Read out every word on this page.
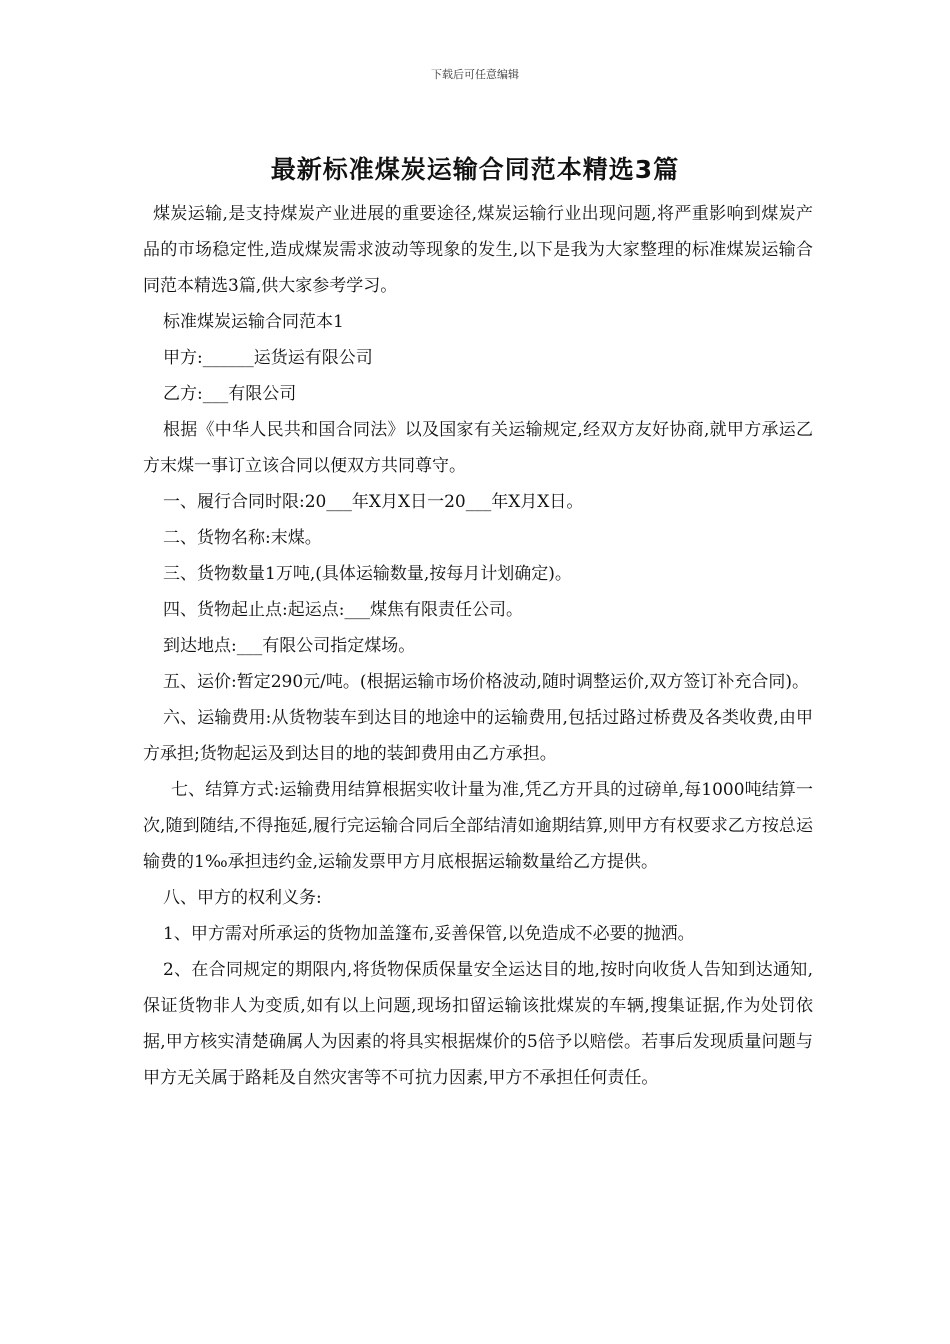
下载后可任意编辑
最新标准煤炭运输合同范本精选3篇

煤炭运输,是支持煤炭产业进展的重要途径,煤炭运输行业出现问题,将严重影响到煤炭产品的市场稳定性,造成煤炭需求波动等现象的发生,以下是我为大家整理的标准煤炭运输合同范本精选3篇,供大家参考学习。

标准煤炭运输合同范本1

甲方:______运货运有限公司

乙方:___有限公司

根据《中华人民共和国合同法》以及国家有关运输规定,经双方友好协商,就甲方承运乙方末煤一事订立该合同以便双方共同尊守。

一、履行合同时限:20___年X月X日一20___年X月X日。

二、货物名称:末煤。

三、货物数量1万吨,(具体运输数量,按每月计划确定)。

四、货物起止点:起运点:___煤焦有限责任公司。

到达地点:___有限公司指定煤场。

五、运价:暂定290元/吨。(根据运输市场价格波动,随时调整运价,双方签订补充合同)。

六、运输费用:从货物装车到达目的地途中的运输费用,包括过路过桥费及各类收费,由甲方承担;货物起运及到达目的地的装卸费用由乙方承担。

七、结算方式:运输费用结算根据实收计量为准,凭乙方开具的过磅单,每1000吨结算一次,随到随结,不得拖延,履行完运输合同后全部结清如逾期结算,则甲方有权要求乙方按总运输费的1‰承担违约金,运输发票甲方月底根据运输数量给乙方提供。

八、甲方的权利义务:

1、甲方需对所承运的货物加盖篷布,妥善保管,以免造成不必要的抛洒。

2、在合同规定的期限内,将货物保质保量安全运达目的地,按时向收货人告知到达通知,保证货物非人为变质,如有以上问题,现场扣留运输该批煤炭的车辆,搜集证据,作为处罚依据,甲方核实清楚确属人为因素的将具实根据煤价的5倍予以赔偿。若事后发现质量问题与甲方无关属于路耗及自然灾害等不可抗力因素,甲方不承担任何责任。
